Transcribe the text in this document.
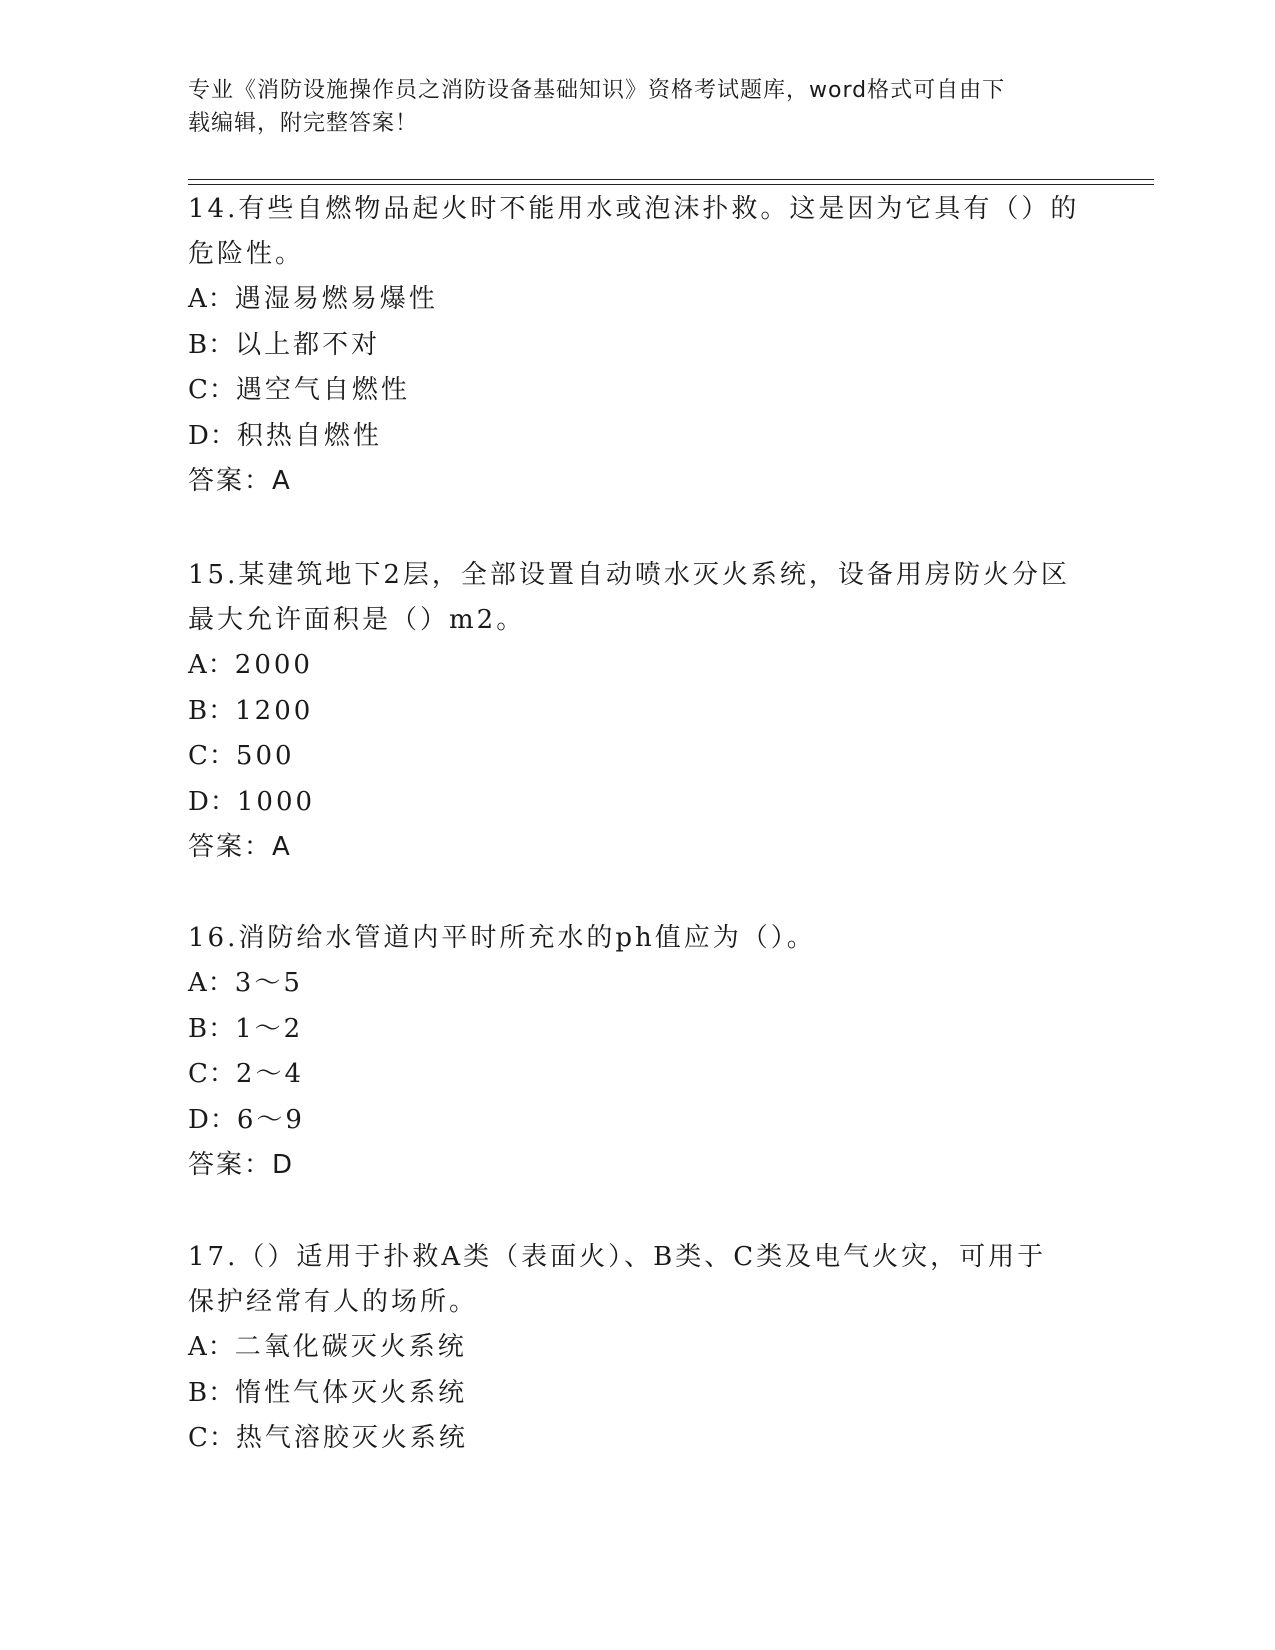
专业《消防设施操作员之消防设备基础知识》资格考试题库，word格式可自由下
载编辑，附完整答案！
14.有些自燃物品起火时不能用水或泡沫扑救。这是因为它具有（）的
危险性。
A：遇湿易燃易爆性
B：以上都不对
C：遇空气自燃性
D：积热自燃性
答案：A
15.某建筑地下2层，全部设置自动喷水灭火系统，设备用房防火分区
最大允许面积是（）m2。
A：2000
B：1200
C：500
D：1000
答案：A
16.消防给水管道内平时所充水的ph值应为（）。
A：3～5
B：1～2
C：2～4
D：6～9
答案：D
17.（）适用于扑救A类（表面火）、B类、C类及电气火灾，可用于
保护经常有人的场所。
A：二氧化碳灭火系统
B：惰性气体灭火系统
C：热气溶胶灭火系统
